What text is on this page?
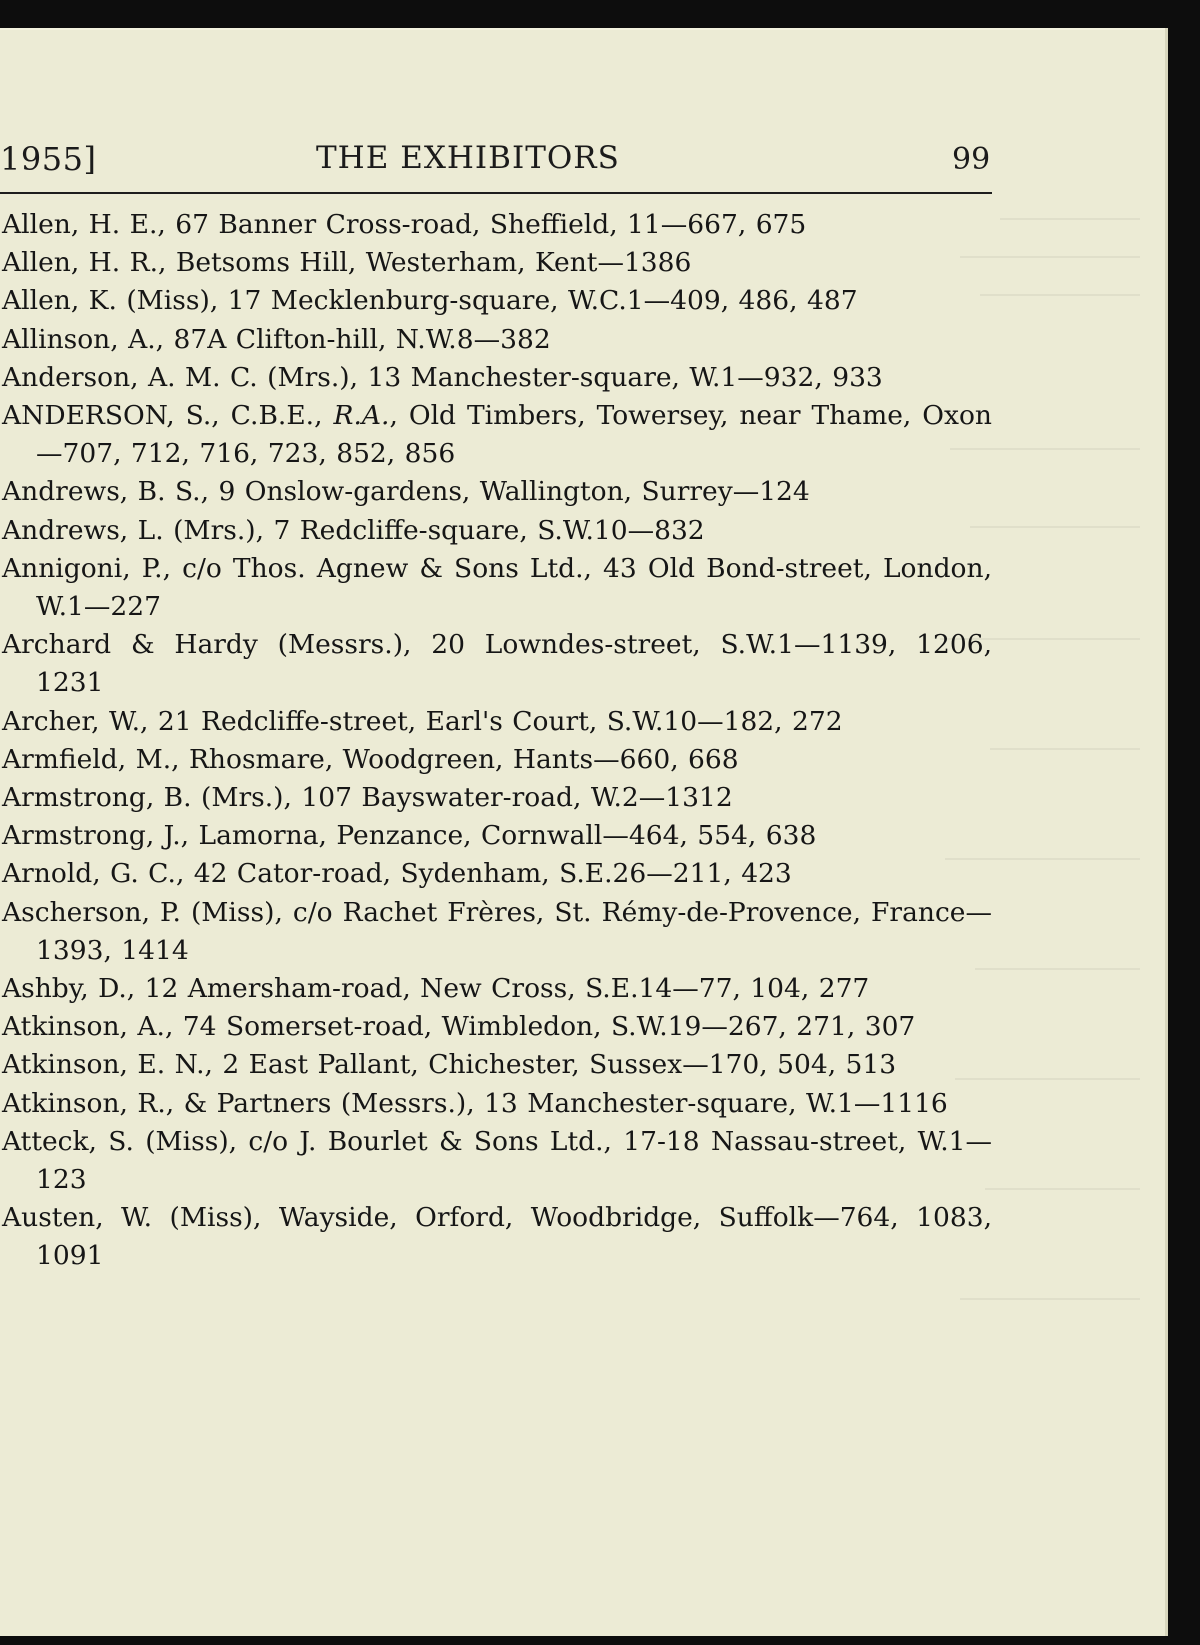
1955]	THE EXHIBITORS	99

Allen, H. E., 67 Banner Cross-road, Sheffield, 11—667, 675

Allen, H. R., Betsoms Hill, Westerham, Kent—1386

Allen, K. (Miss), 17 Mecklenburg-square, W.C.1—409, 486, 487

Allinson, A., 87A Clifton-hill, N.W.8—382

Anderson, A. M. C. (Mrs.), 13 Manchester-square, W.1—932, 933

ANDERSON, S., C.B.E., R.A., Old Timbers, Towersey, near Thame, Oxon—707, 712, 716, 723, 852, 856

Andrews, B. S., 9 Onslow-gardens, Wallington, Surrey—124

Andrews, L. (Mrs.), 7 Redcliffe-square, S.W.10—832

Annigoni, P., c/o Thos. Agnew & Sons Ltd., 43 Old Bond-street, London, W.1—227

Archard & Hardy (Messrs.), 20 Lowndes-street, S.W.1—1139, 1206, 1231

Archer, W., 21 Redcliffe-street, Earl's Court, S.W.10—182, 272

Armfield, M., Rhosmare, Woodgreen, Hants—660, 668

Armstrong, B. (Mrs.), 107 Bayswater-road, W.2—1312

Armstrong, J., Lamorna, Penzance, Cornwall—464, 554, 638

Arnold, G. C., 42 Cator-road, Sydenham, S.E.26—211, 423

Ascherson, P. (Miss), c/o Rachet Frères, St. Rémy-de-Provence, France—1393, 1414

Ashby, D., 12 Amersham-road, New Cross, S.E.14—77, 104, 277

Atkinson, A., 74 Somerset-road, Wimbledon, S.W.19—267, 271, 307

Atkinson, E. N., 2 East Pallant, Chichester, Sussex—170, 504, 513

Atkinson, R., & Partners (Messrs.), 13 Manchester-square, W.1—1116

Atteck, S. (Miss), c/o J. Bourlet & Sons Ltd., 17-18 Nassau-street, W.1—123

Austen, W. (Miss), Wayside, Orford, Woodbridge, Suffolk—764, 1083, 1091
